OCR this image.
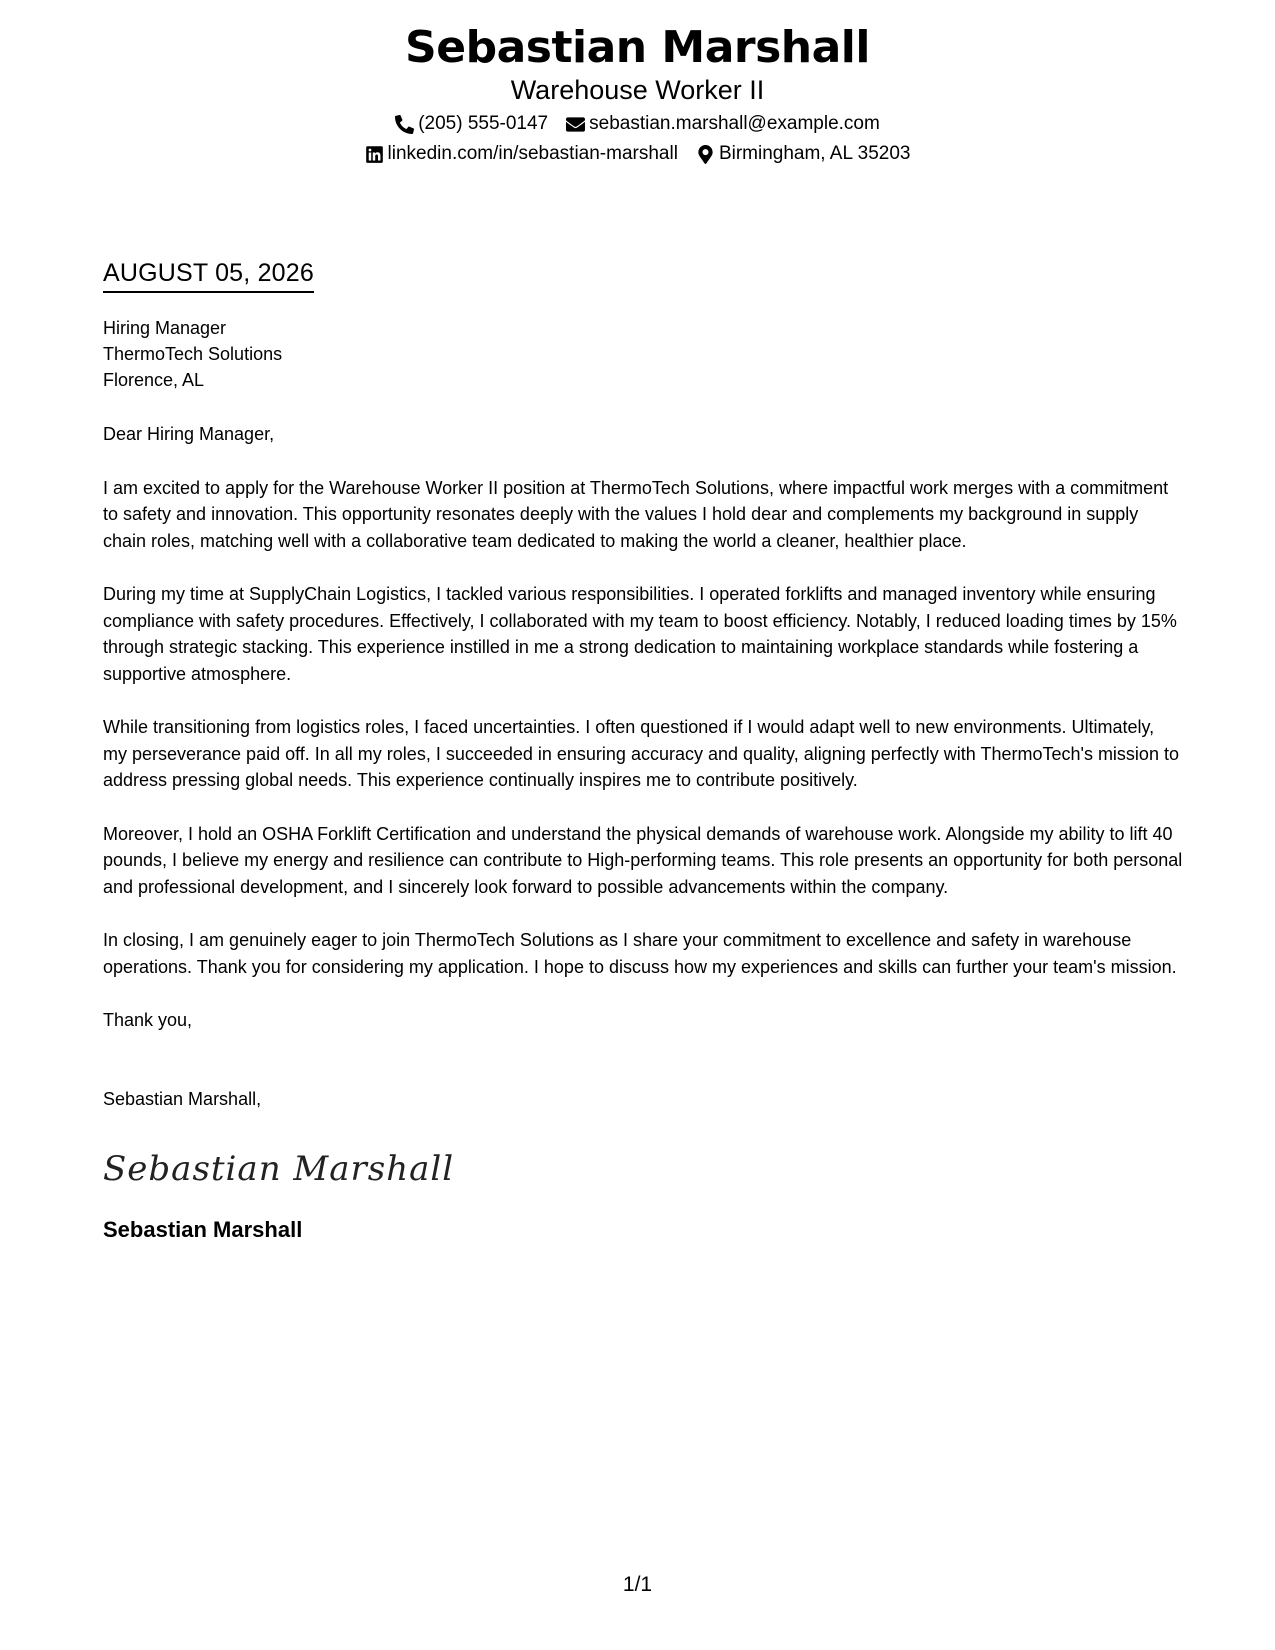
Sebastian Marshall
Warehouse Worker II
(205) 555-0147 sebastian.marshall@example.com
linkedin.com/in/sebastian-marshall Birmingham, AL 35203
AUGUST 05, 2026
Hiring Manager
ThermoTech Solutions
Florence, AL
Dear Hiring Manager,
I am excited to apply for the Warehouse Worker II position at ThermoTech Solutions, where impactful work merges with a commitment to safety and innovation. This opportunity resonates deeply with the values I hold dear and complements my background in supply chain roles, matching well with a collaborative team dedicated to making the world a cleaner, healthier place.
During my time at SupplyChain Logistics, I tackled various responsibilities. I operated forklifts and managed inventory while ensuring compliance with safety procedures. Effectively, I collaborated with my team to boost efficiency. Notably, I reduced loading times by 15% through strategic stacking. This experience instilled in me a strong dedication to maintaining workplace standards while fostering a supportive atmosphere.
While transitioning from logistics roles, I faced uncertainties. I often questioned if I would adapt well to new environments. Ultimately, my perseverance paid off. In all my roles, I succeeded in ensuring accuracy and quality, aligning perfectly with ThermoTech's mission to address pressing global needs. This experience continually inspires me to contribute positively.
Moreover, I hold an OSHA Forklift Certification and understand the physical demands of warehouse work. Alongside my ability to lift 40 pounds, I believe my energy and resilience can contribute to High-performing teams. This role presents an opportunity for both personal and professional development, and I sincerely look forward to possible advancements within the company.
In closing, I am genuinely eager to join ThermoTech Solutions as I share your commitment to excellence and safety in warehouse operations. Thank you for considering my application. I hope to discuss how my experiences and skills can further your team's mission.
Thank you,
Sebastian Marshall,
Sebastian Marshall
Sebastian Marshall
1/1
